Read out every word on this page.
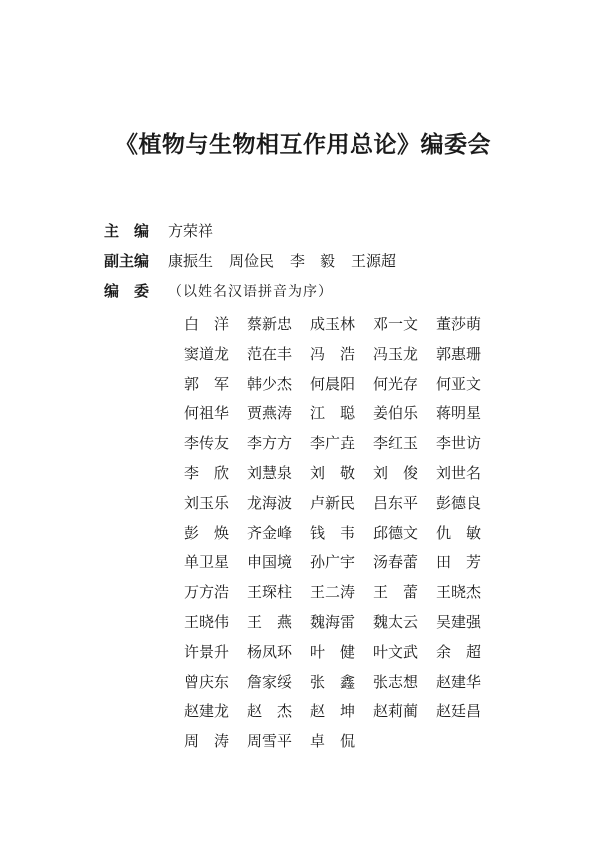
《植物与生物相互作用总论》编委会
主　编 方荣祥
副主编 康振生 周俭民 李　毅 王源超
编　委 （以姓名汉语拼音为序）
白　洋 蔡新忠 成玉林 邓一文 董莎萌
窦道龙 范在丰 冯　浩 冯玉龙 郭惠珊
郭　军 韩少杰 何晨阳 何光存 何亚文
何祖华 贾燕涛 江　聪 姜伯乐 蒋明星
李传友 李方方 李广垚 李红玉 李世访
李　欣 刘慧泉 刘　敬 刘　俊 刘世名
刘玉乐 龙海波 卢新民 吕东平 彭德良
彭　焕 齐金峰 钱　韦 邱德文 仇　敏
单卫星 申国境 孙广宇 汤春蕾 田　芳
万方浩 王琛柱 王二涛 王　蕾 王晓杰
王晓伟 王　燕 魏海雷 魏太云 吴建强
许景升 杨凤环 叶　健 叶文武 余　超
曾庆东 詹家绥 张　鑫 张志想 赵建华
赵建龙 赵　杰 赵　坤 赵莉蔺 赵廷昌
周　涛 周雪平 卓　侃
